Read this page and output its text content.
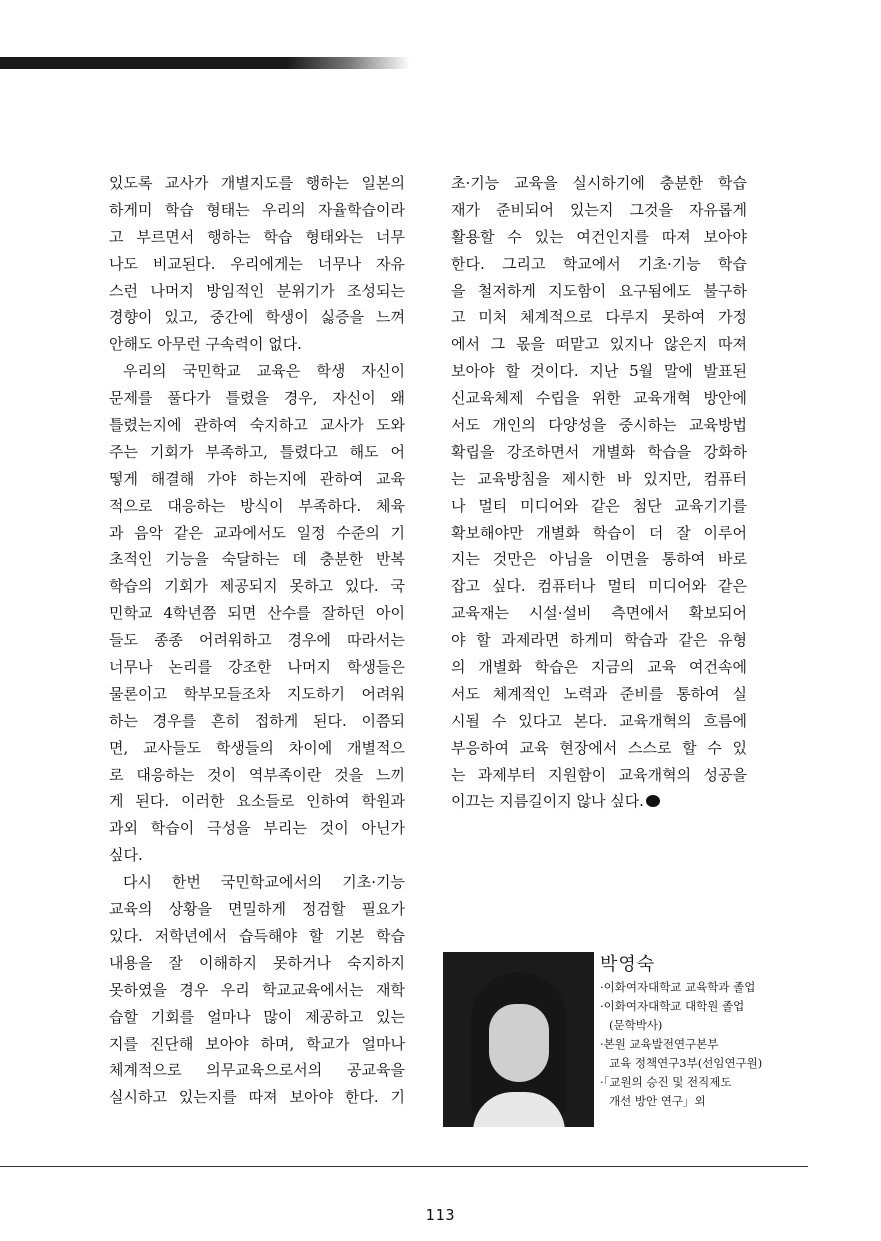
있도록 교사가 개별지도를 행하는 일본의
하게미 학습 형태는 우리의 자율학습이라
고 부르면서 행하는 학습 형태와는 너무
나도 비교된다. 우리에게는 너무나 자유
스런 나머지 방임적인 분위기가 조성되는
경향이 있고, 중간에 학생이 싫증을 느껴
안해도 아무런 구속력이 없다.
우리의 국민학교 교육은 학생 자신이
문제를 풀다가 틀렸을 경우, 자신이 왜
틀렸는지에 관하여 숙지하고 교사가 도와
주는 기회가 부족하고, 틀렸다고 해도 어
떻게 해결해 가야 하는지에 관하여 교육
적으로 대응하는 방식이 부족하다. 체육
과 음악 같은 교과에서도 일정 수준의 기
초적인 기능을 숙달하는 데 충분한 반복
학습의 기회가 제공되지 못하고 있다. 국
민학교 4학년쯤 되면 산수를 잘하던 아이
들도 종종 어려워하고 경우에 따라서는
너무나 논리를 강조한 나머지 학생들은
물론이고 학부모들조차 지도하기 어려워
하는 경우를 흔히 접하게 된다. 이쯤되
면, 교사들도 학생들의 차이에 개별적으
로 대응하는 것이 역부족이란 것을 느끼
게 된다. 이러한 요소들로 인하여 학원과
과외 학습이 극성을 부리는 것이 아닌가
싶다.
다시 한번 국민학교에서의 기초·기능
교육의 상황을 면밀하게 정검할 필요가
있다. 저학년에서 습득해야 할 기본 학습
내용을 잘 이해하지 못하거나 숙지하지
못하였을 경우 우리 학교교육에서는 재학
습할 기회를 얼마나 많이 제공하고 있는
지를 진단해 보아야 하며, 학교가 얼마나
체계적으로 의무교육으로서의 공교육을
실시하고 있는지를 따져 보아야 한다. 기
초·기능 교육을 실시하기에 충분한 학습
재가 준비되어 있는지 그것을 자유롭게
활용할 수 있는 여건인지를 따져 보아야
한다. 그리고 학교에서 기초·기능 학습
을 철저하게 지도함이 요구됨에도 불구하
고 미처 체계적으로 다루지 못하여 가정
에서 그 몫을 떠맡고 있지나 않은지 따져
보아야 할 것이다. 지난 5월 말에 발표된
신교육체제 수립을 위한 교육개혁 방안에
서도 개인의 다양성을 중시하는 교육방법
확립을 강조하면서 개별화 학습을 강화하
는 교육방침을 제시한 바 있지만, 컴퓨터
나 멀티 미디어와 같은 첨단 교육기기를
확보해야만 개별화 학습이 더 잘 이루어
지는 것만은 아님을 이면을 통하여 바로
잡고 싶다. 컴퓨터나 멀티 미디어와 같은
교육재는 시설·설비 측면에서 확보되어
야 할 과제라면 하게미 학습과 같은 유형
의 개별화 학습은 지금의 교육 여건속에
서도 체계적인 노력과 준비를 통하여 실
시될 수 있다고 본다. 교육개혁의 흐름에
부응하여 교육 현장에서 스스로 할 수 있
는 과제부터 지원함이 교육개혁의 성공을
이끄는 지름길이지 않나 싶다.
박영숙
·이화여자대학교 교육학과 졸업
·이화여자대학교 대학원 졸업
(문학박사)
·본원 교육발전연구본부
교육 정책연구3부(선임연구원)
·「교원의 승진 및 전직제도
개선 방안 연구」외
113
